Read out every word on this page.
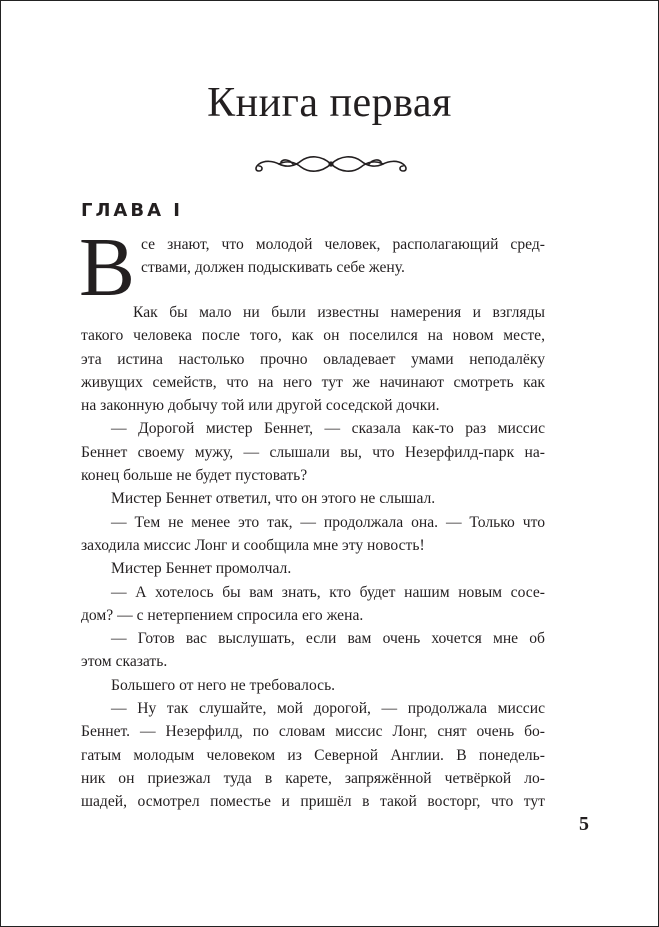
Книга первая
ГЛАВА I

В се знают, что молодой человек, располагающий сред-
ствами, должен подыскивать себе жену.
Как бы мало ни были известны намерения и взгляды
такого человека после того, как он поселился на новом месте,
эта истина настолько прочно овладевает умами неподалёку
живущих семейств, что на него тут же начинают смотреть как
на законную добычу той или другой соседской дочки.

— Дорогой мистер Беннет, — сказала как-то раз миссис
Беннет своему мужу, — слышали вы, что Незерфилд-парк на-
конец больше не будет пустовать?

Мистер Беннет ответил, что он этого не слышал.

— Тем не менее это так, — продолжала она. — Только что
заходила миссис Лонг и сообщила мне эту новость!

Мистер Беннет промолчал.

— А хотелось бы вам знать, кто будет нашим новым сосе-
дом? — с нетерпением спросила его жена.

— Готов вас выслушать, если вам очень хочется мне об
этом сказать.

Большего от него не требовалось.

— Ну так слушайте, мой дорогой, — продолжала миссис
Беннет. — Незерфилд, по словам миссис Лонг, снят очень бо-
гатым молодым человеком из Северной Англии. В понедель-
ник он приезжал туда в карете, запряжённой четвёркой ло-
шадей, осмотрел поместье и пришёл в такой восторг, что тут

5
